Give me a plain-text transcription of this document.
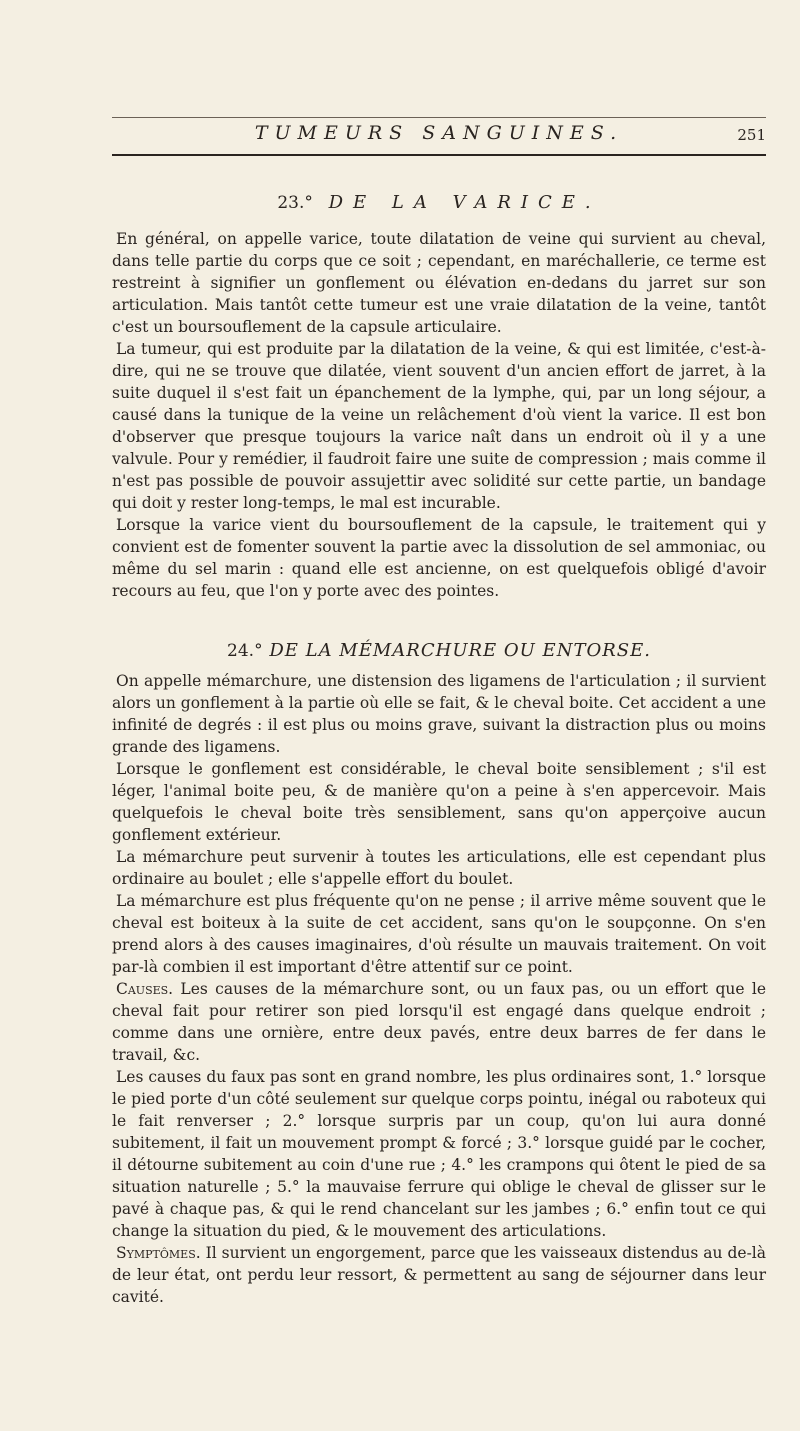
TUMEURS SANGUINES.	251
23.° DE LA VARICE.

En général, on appelle varice, toute dilatation de veine qui survient au cheval, dans telle partie du corps que ce soit ; cependant, en maréchallerie, ce terme est restreint à signifier un gonflement ou élévation en-dedans du jarret sur son articulation. Mais tantôt cette tumeur est une vraie dilatation de la veine, tantôt c'est un boursouflement de la capsule articulaire.

La tumeur, qui est produite par la dilatation de la veine, & qui est limitée, c'est-à-dire, qui ne se trouve que dilatée, vient souvent d'un ancien effort de jarret, à la suite duquel il s'est fait un épanchement de la lymphe, qui, par un long séjour, a causé dans la tunique de la veine un relâchement d'où vient la varice. Il est bon d'observer que presque toujours la varice naît dans un endroit où il y a une valvule. Pour y remédier, il faudroit faire une suite de compression ; mais comme il n'est pas possible de pouvoir assujettir avec solidité sur cette partie, un bandage qui doit y rester long-temps, le mal est incurable.

Lorsque la varice vient du boursouflement de la capsule, le traitement qui y convient est de fomenter souvent la partie avec la dissolution de sel ammoniac, ou même du sel marin : quand elle est ancienne, on est quelquefois obligé d'avoir recours au feu, que l'on y porte avec des pointes.

24.° DE LA MÉMARCHURE OU ENTORSE.

On appelle mémarchure, une distension des ligamens de l'articulation ; il survient alors un gonflement à la partie où elle se fait, & le cheval boite. Cet accident a une infinité de degrés : il est plus ou moins grave, suivant la distraction plus ou moins grande des ligamens.

Lorsque le gonflement est considérable, le cheval boite sensiblement ; s'il est léger, l'animal boite peu, & de manière qu'on a peine à s'en appercevoir. Mais quelquefois le cheval boite très sensiblement, sans qu'on apperçoive aucun gonflement extérieur.

La mémarchure peut survenir à toutes les articulations, elle est cependant plus ordinaire au boulet ; elle s'appelle effort du boulet.

La mémarchure est plus fréquente qu'on ne pense ; il arrive même souvent que le cheval est boiteux à la suite de cet accident, sans qu'on le soupçonne. On s'en prend alors à des causes imaginaires, d'où résulte un mauvais traitement. On voit par-là combien il est important d'être attentif sur ce point.

Causes. Les causes de la mémarchure sont, ou un faux pas, ou un effort que le cheval fait pour retirer son pied lorsqu'il est engagé dans quelque endroit ; comme dans une ornière, entre deux pavés, entre deux barres de fer dans le travail, &c.

Les causes du faux pas sont en grand nombre, les plus ordinaires sont, 1.° lorsque le pied porte d'un côté seulement sur quelque corps pointu, inégal ou raboteux qui le fait renverser ; 2.° lorsque surpris par un coup, qu'on lui aura donné subitement, il fait un mouvement prompt & forcé ; 3.° lorsque guidé par le cocher, il détourne subitement au coin d'une rue ; 4.° les crampons qui ôtent le pied de sa situation naturelle ; 5.° la mauvaise ferrure qui oblige le cheval de glisser sur le pavé à chaque pas, & qui le rend chancelant sur les jambes ; 6.° enfin tout ce qui change la situation du pied, & le mouvement des articulations.

Symptômes. Il survient un engorgement, parce que les vaisseaux distendus au de-là de leur état, ont perdu leur ressort, & permettent au sang de séjourner dans leur cavité.
